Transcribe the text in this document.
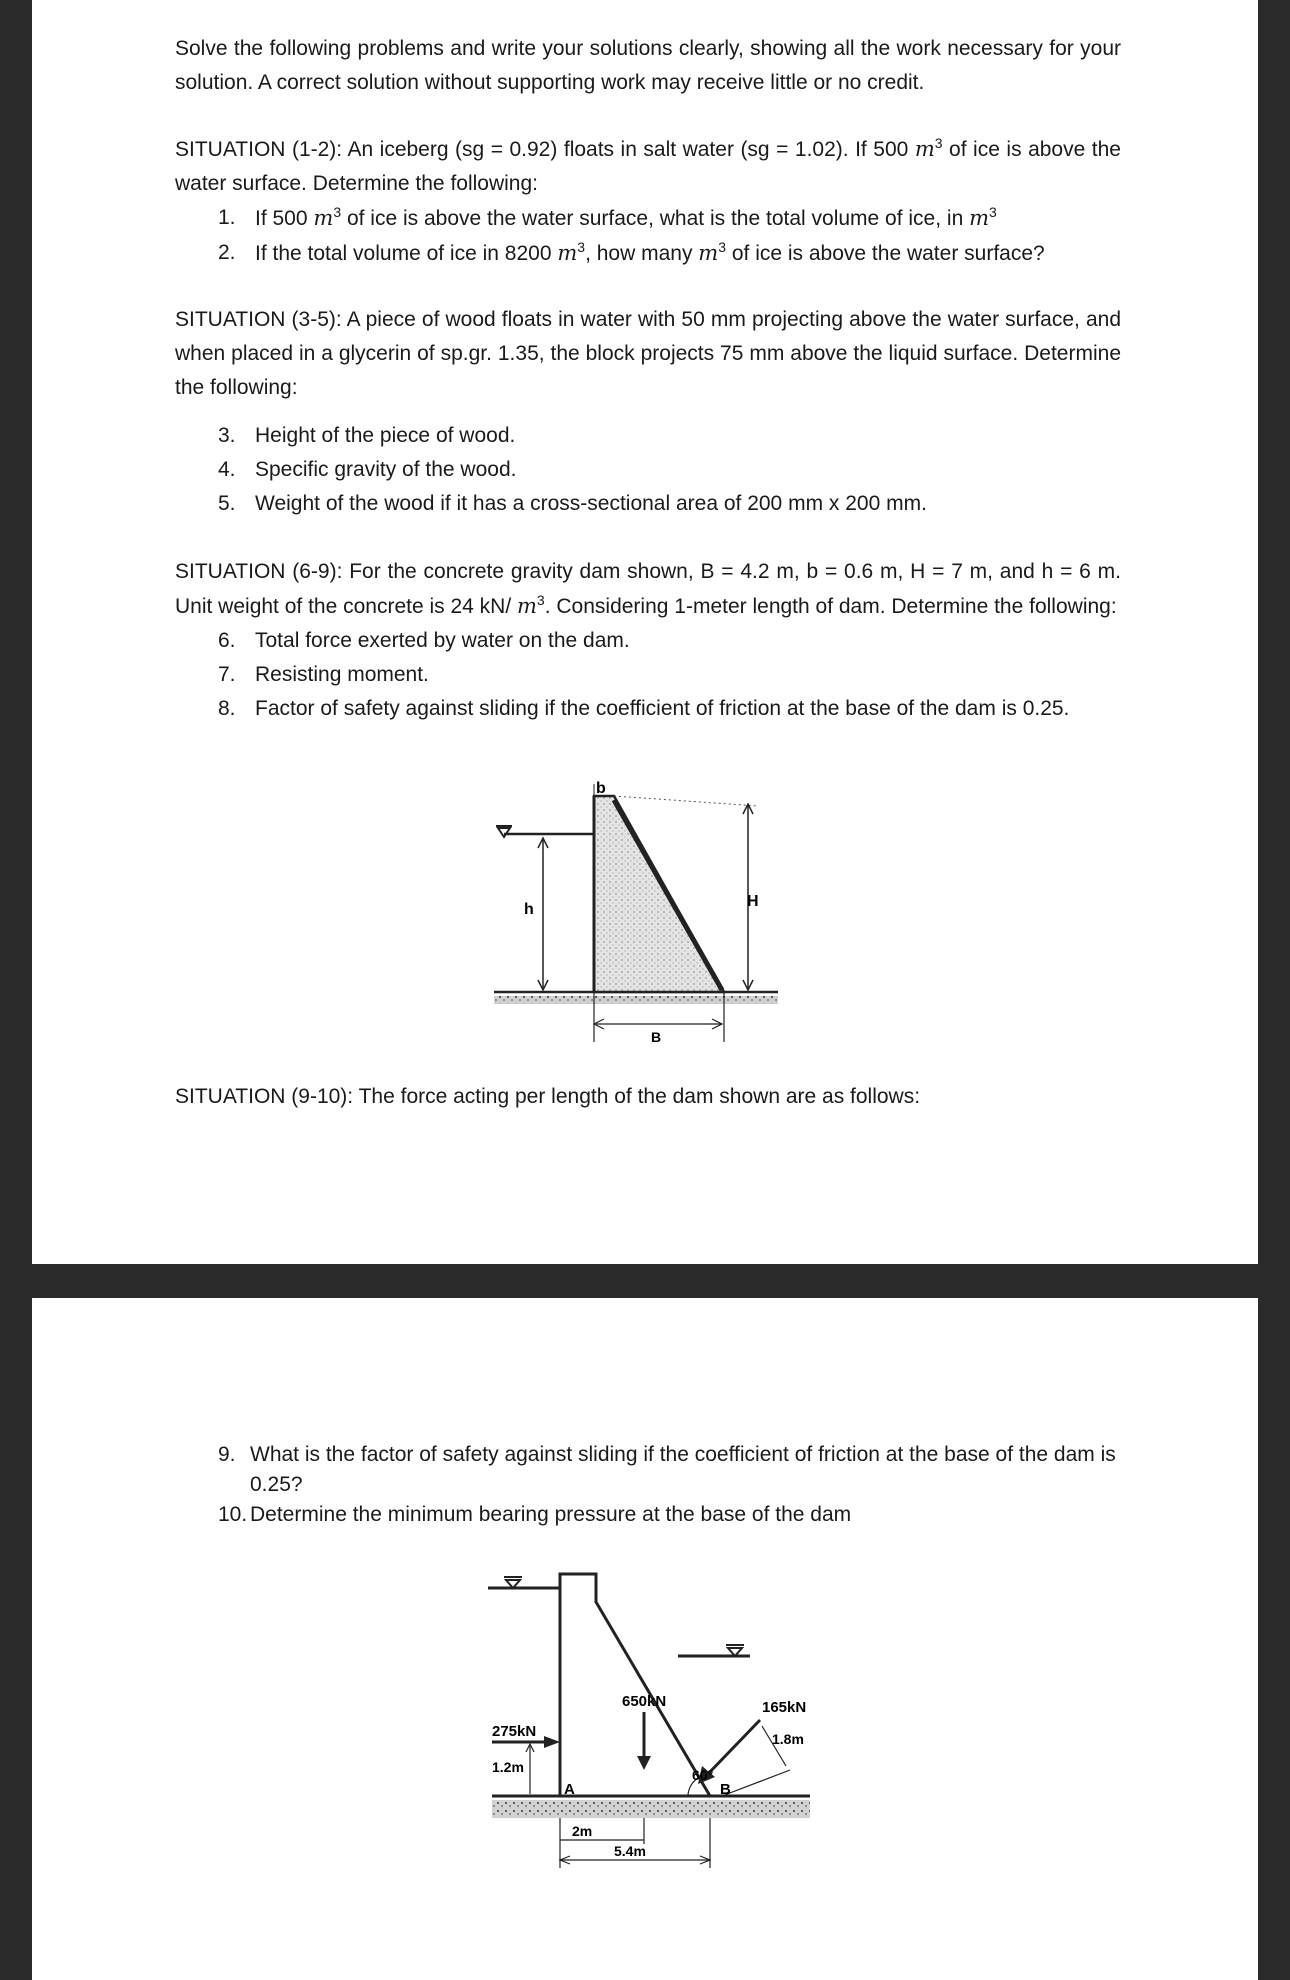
Solve the following problems and write your solutions clearly, showing all the work necessary for your solution. A correct solution without supporting work may receive little or no credit.

SITUATION (1-2): An iceberg (sg = 0.92) floats in salt water (sg = 1.02). If 500 $m^3$ of ice is above the water surface. Determine the following:

1. If 500 $m^3$ of ice is above the water surface, what is the total volume of ice, in $m^3$
2. If the total volume of ice in 8200 $m^3$, how many $m^3$ of ice is above the water surface?

SITUATION (3-5): A piece of wood floats in water with 50 mm projecting above the water surface, and when placed in a glycerin of sp.gr. 1.35, the block projects 75 mm above the liquid surface. Determine the following:

3. Height of the piece of wood.
4. Specific gravity of the wood.
5. Weight of the wood if it has a cross-sectional area of 200 mm x 200 mm.

SITUATION (6-9): For the concrete gravity dam shown, B = 4.2 m, b = 0.6 m, H = 7 m, and h = 6 m. Unit weight of the concrete is 24 kN/ $m^3$. Considering 1-meter length of dam. Determine the following:

6. Total force exerted by water on the dam.
7. Resisting moment.
8. Factor of safety against sliding if the coefficient of friction at the base of the dam is 0.25.
h
b
H
B

SITUATION (9-10): The force acting per length of the dam shown are as follows:

9. What is the factor of safety against sliding if the coefficient of friction at the base of the dam is 0.25?
10. Determine the minimum bearing pressure at the base of the dam
650kN
275kN
1.2m
A
165kN
1.8m
60°
B
2m
5.4m
